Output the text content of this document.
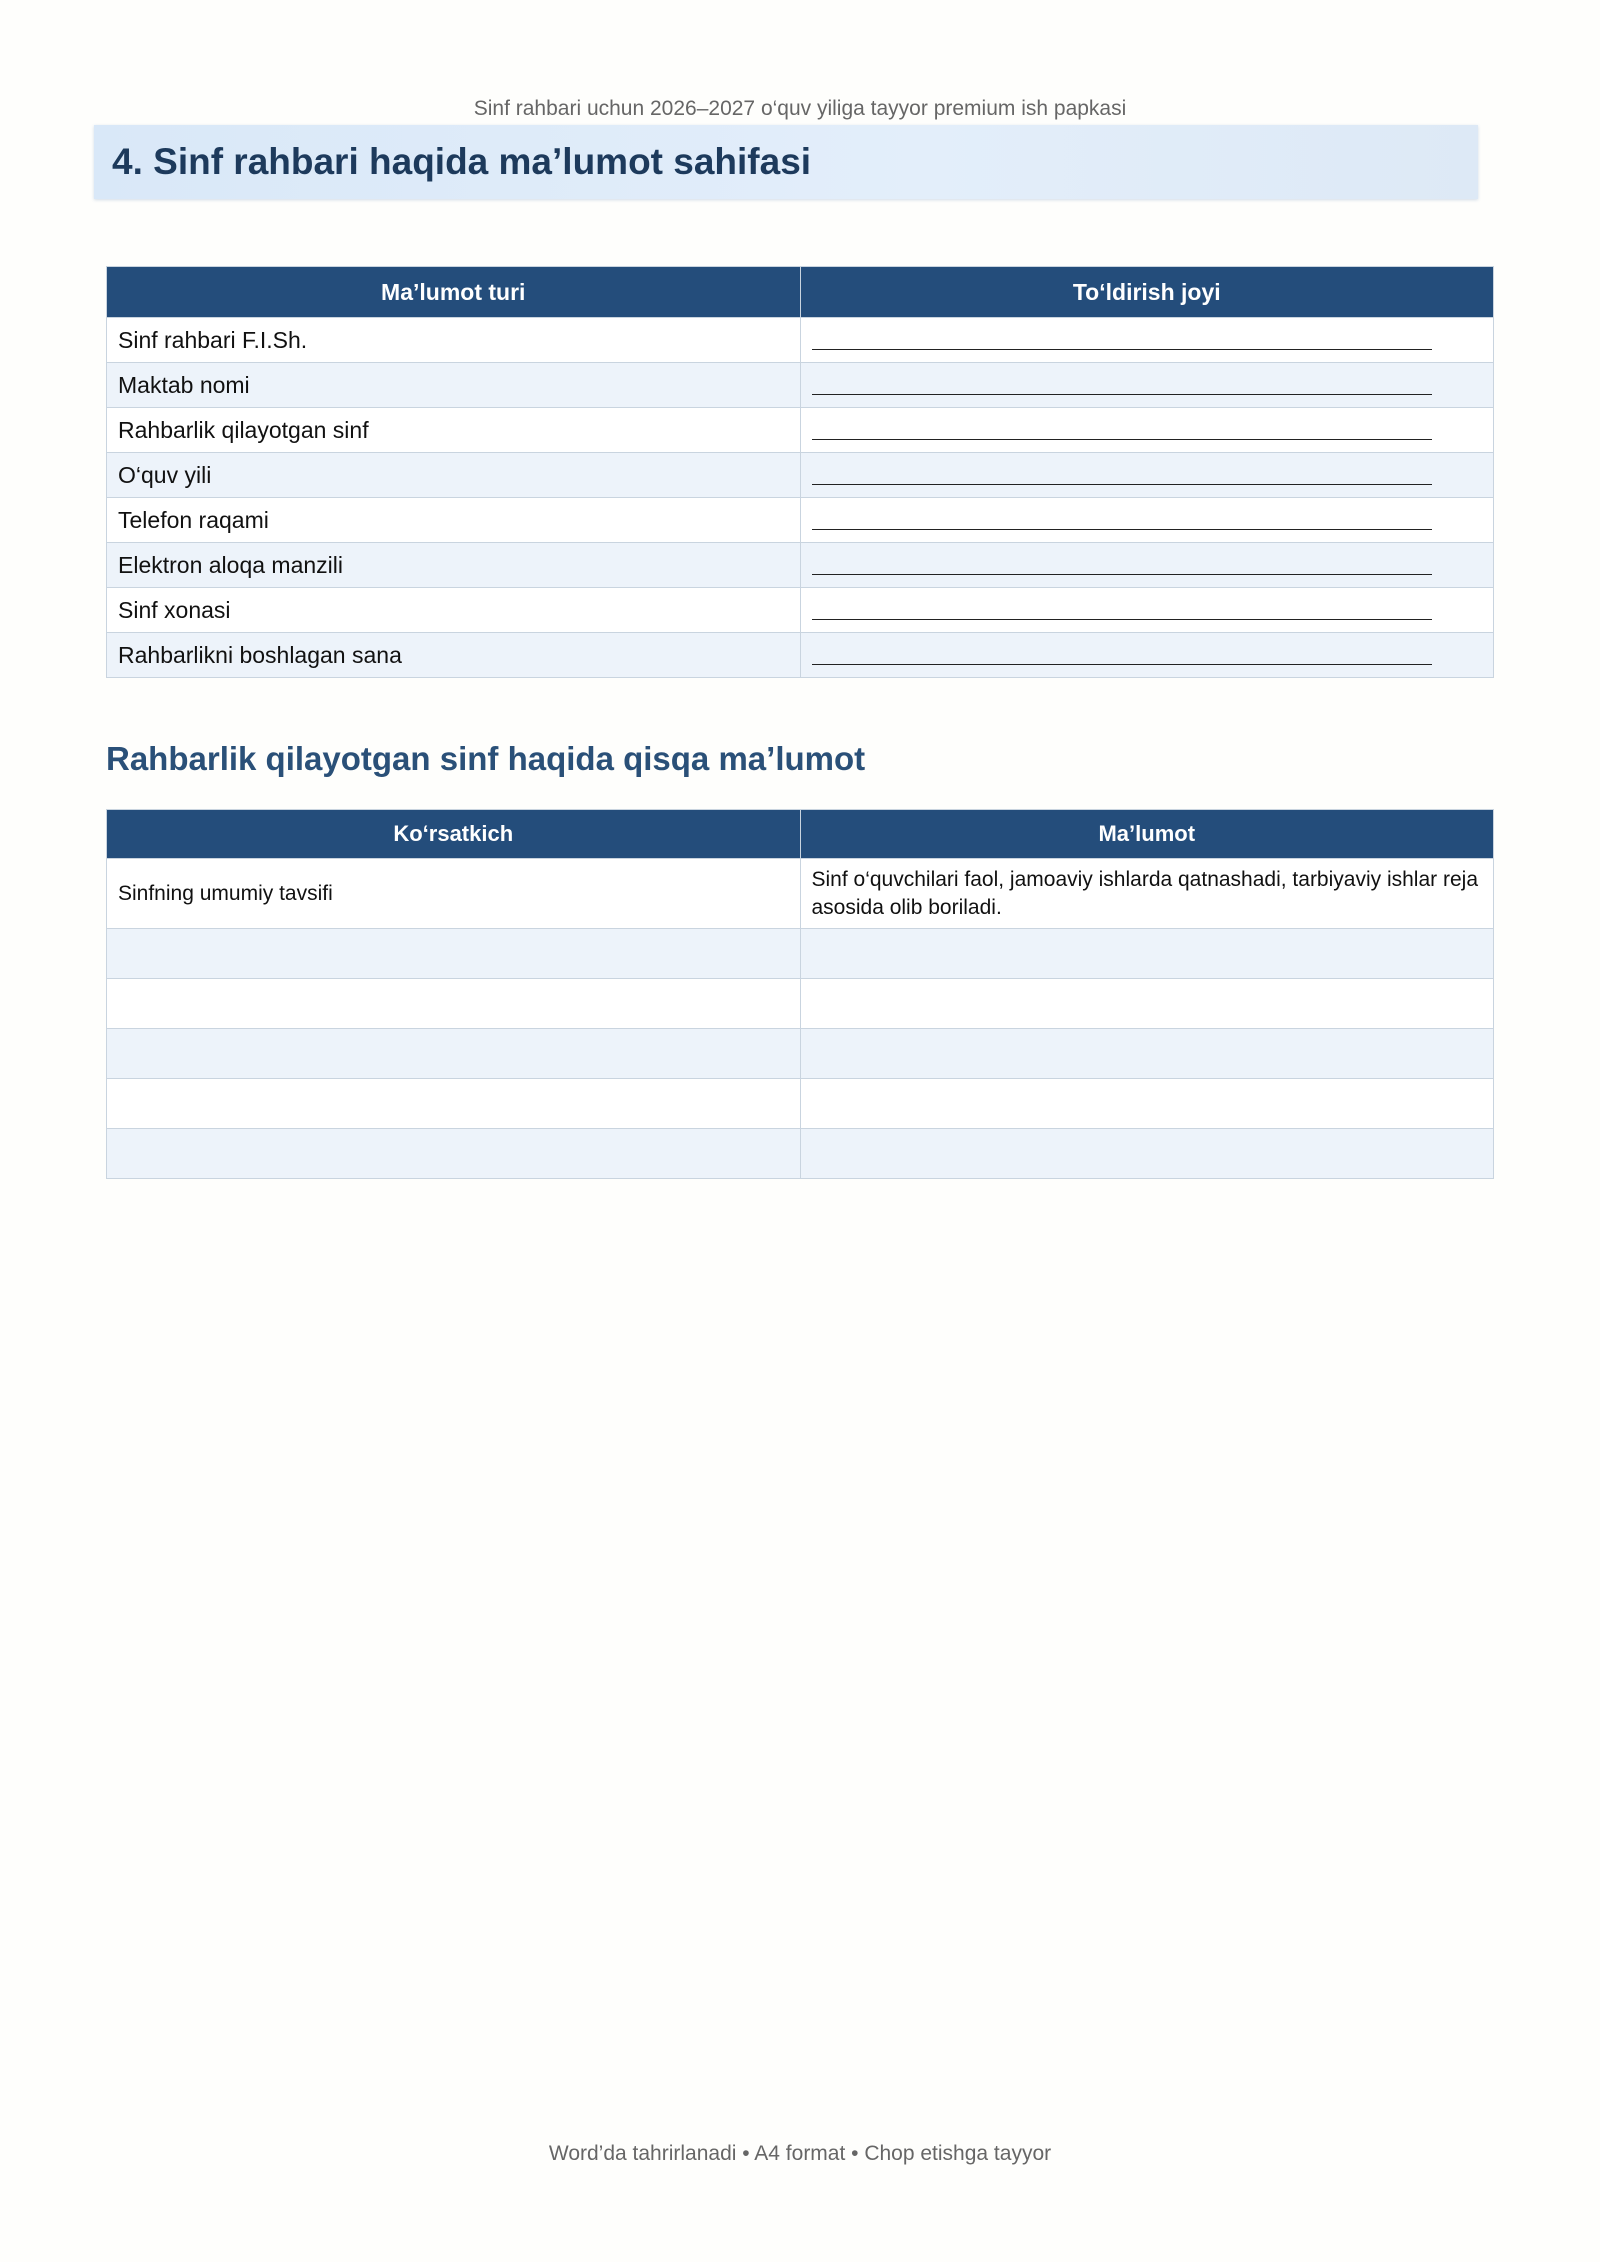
Sinf rahbari uchun 2026–2027 o‘quv yiliga tayyor premium ish papkasi
4. Sinf rahbari haqida ma’lumot sahifasi
Ma’lumot turi	To‘ldirish joyi
Sinf rahbari F.I.Sh.	

Maktab nomi	

Rahbarlik qilayotgan sinf	

O‘quv yili	

Telefon raqami	

Elektron aloqa manzili	

Sinf xonasi	

Rahbarlikni boshlagan sana	
Rahbarlik qilayotgan sinf haqida qisqa ma’lumot
Ko‘rsatkich	Ma’lumot
Sinfning umumiy tavsifi	Sinf o‘quvchilari faol, jamoaviy ishlarda qatnashadi, tarbiyaviy ishlar reja asosida olib boriladi.

Word’da tahrirlanadi • A4 format • Chop etishga tayyor
